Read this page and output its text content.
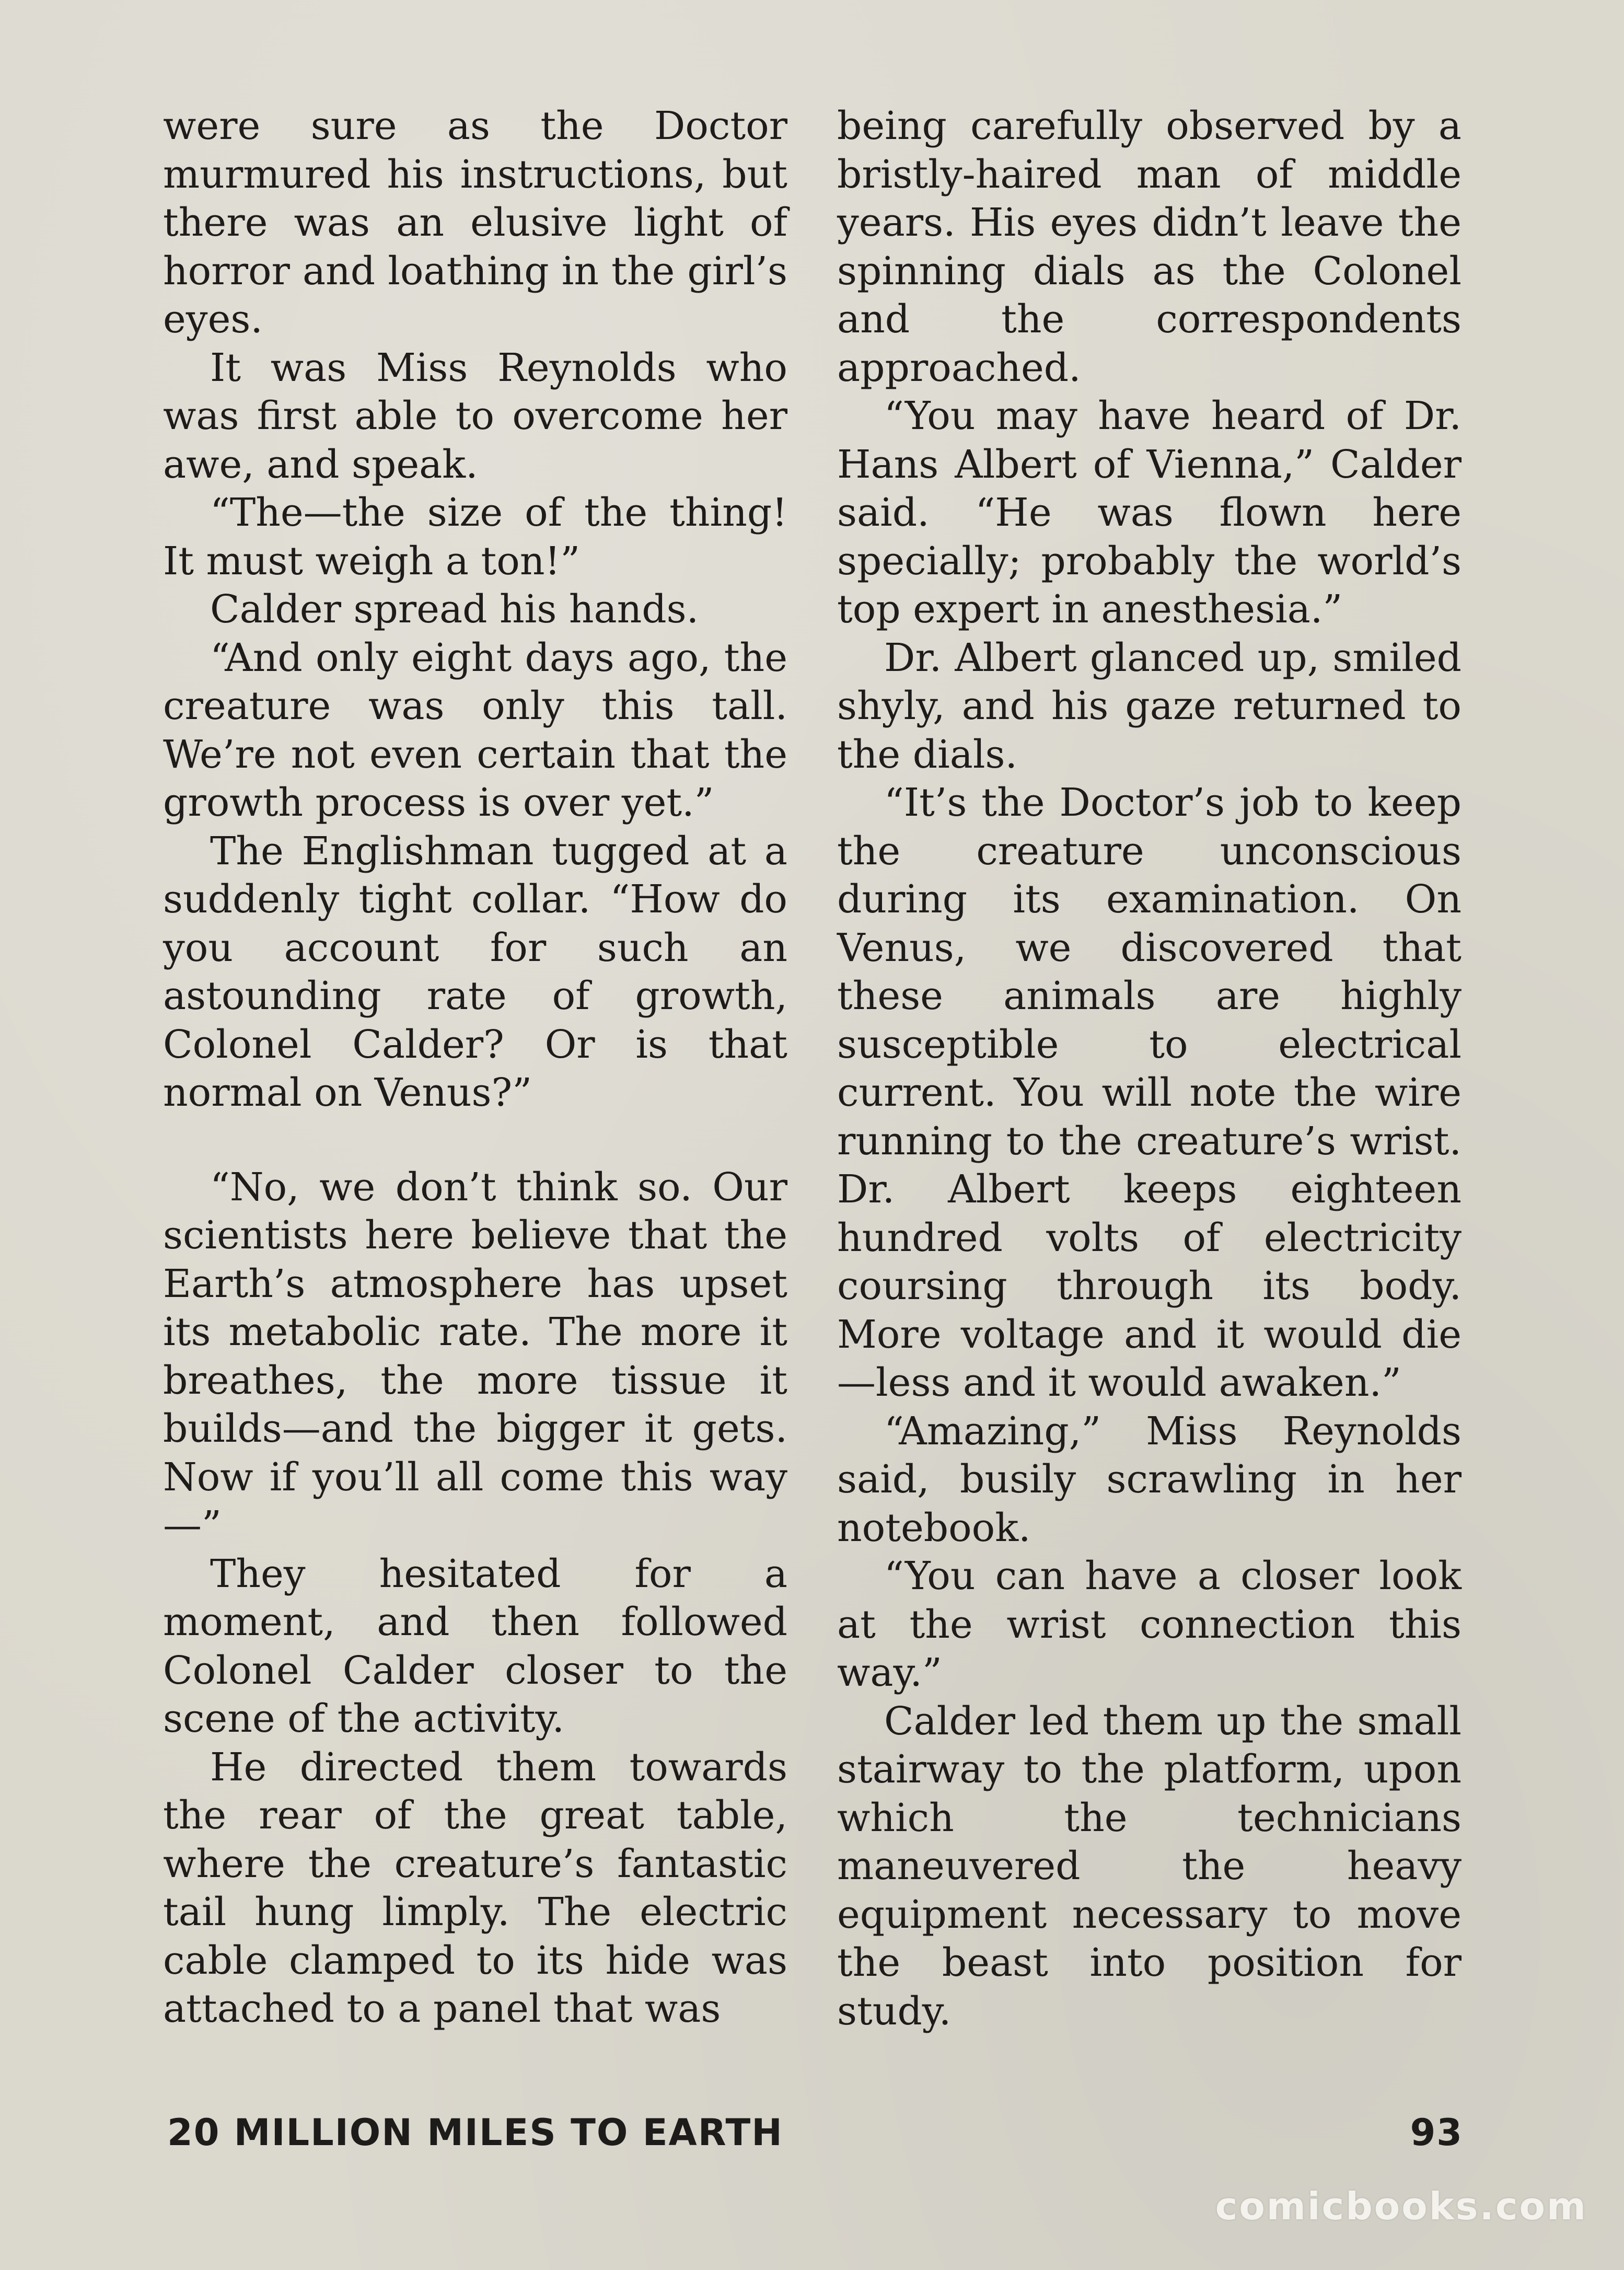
were sure as the Doctor murmured his instructions, but there was an elusive light of horror and loathing in the girl’s eyes.

It was Miss Reynolds who was first able to overcome her awe, and speak.

“The—the size of the thing! It must weigh a ton!”

Calder spread his hands.

“And only eight days ago, the creature was only this tall. We’re not even certain that the growth process is over yet.”

The Englishman tugged at a suddenly tight collar. “How do you account for such an astounding rate of growth, Colonel Calder? Or is that normal on Venus?”

“No, we don’t think so. Our scientists here believe that the Earth’s atmosphere has upset its metabolic rate. The more it breathes, the more tissue it builds—and the bigger it gets. Now if you’ll all come this way—”

They hesitated for a moment, and then followed Colonel Calder closer to the scene of the activity.

He directed them towards the rear of the great table, where the creature’s fantastic tail hung limply. The electric cable clamped to its hide was attached to a panel that was

being carefully observed by a bristly-haired man of middle years. His eyes didn’t leave the spinning dials as the Colonel and the correspondents approached.

“You may have heard of Dr. Hans Albert of Vienna,” Calder said. “He was flown here specially; probably the world’s top expert in anesthesia.”

Dr. Albert glanced up, smiled shyly, and his gaze returned to the dials.

“It’s the Doctor’s job to keep the creature unconscious during its examination. On Venus, we discovered that these animals are highly susceptible to electrical current. You will note the wire running to the creature’s wrist. Dr. Albert keeps eighteen hundred volts of electricity coursing through its body. More voltage and it would die —less and it would awaken.”

“Amazing,” Miss Reynolds said, busily scrawling in her notebook.

“You can have a closer look at the wrist connection this way.”

Calder led them up the small stairway to the platform, upon which the technicians maneuvered the heavy equipment necessary to move the beast into position for study.

20 MILLION MILES TO EARTH	93
comicbooks.com
